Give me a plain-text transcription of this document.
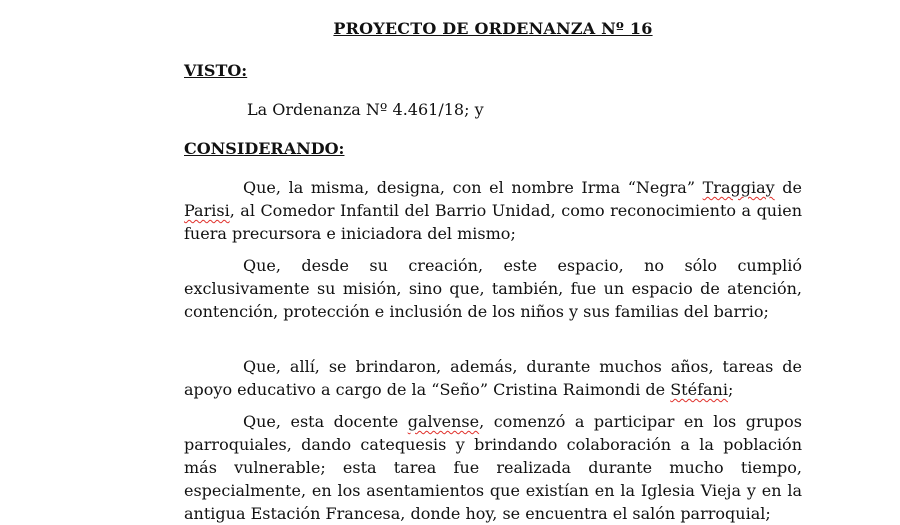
PROYECTO DE ORDENANZA Nº 16
VISTO:
La Ordenanza Nº 4.461/18; y
CONSIDERANDO:

Que, la misma, designa, con el nombre Irma “Negra” Traggiay de Parisi, al Comedor Infantil del Barrio Unidad, como reconocimiento a quien fuera precursora e iniciadora del mismo;

Que, desde su creación, este espacio, no sólo cumplió exclusivamente su misión, sino que, también, fue un espacio de atención, contención, protección e inclusión de los niños y sus familias del barrio;

Que, allí, se brindaron, además, durante muchos años, tareas de apoyo educativo a cargo de la “Seño” Cristina Raimondi de Stéfani;

Que, esta docente galvense, comenzó a participar en los grupos parroquiales, dando catequesis y brindando colaboración a la población más vulnerable; esta tarea fue realizada durante mucho tiempo, especialmente, en los asentamientos que existían en la Iglesia Vieja y en la antigua Estación Francesa, donde hoy, se encuentra el salón parroquial;
